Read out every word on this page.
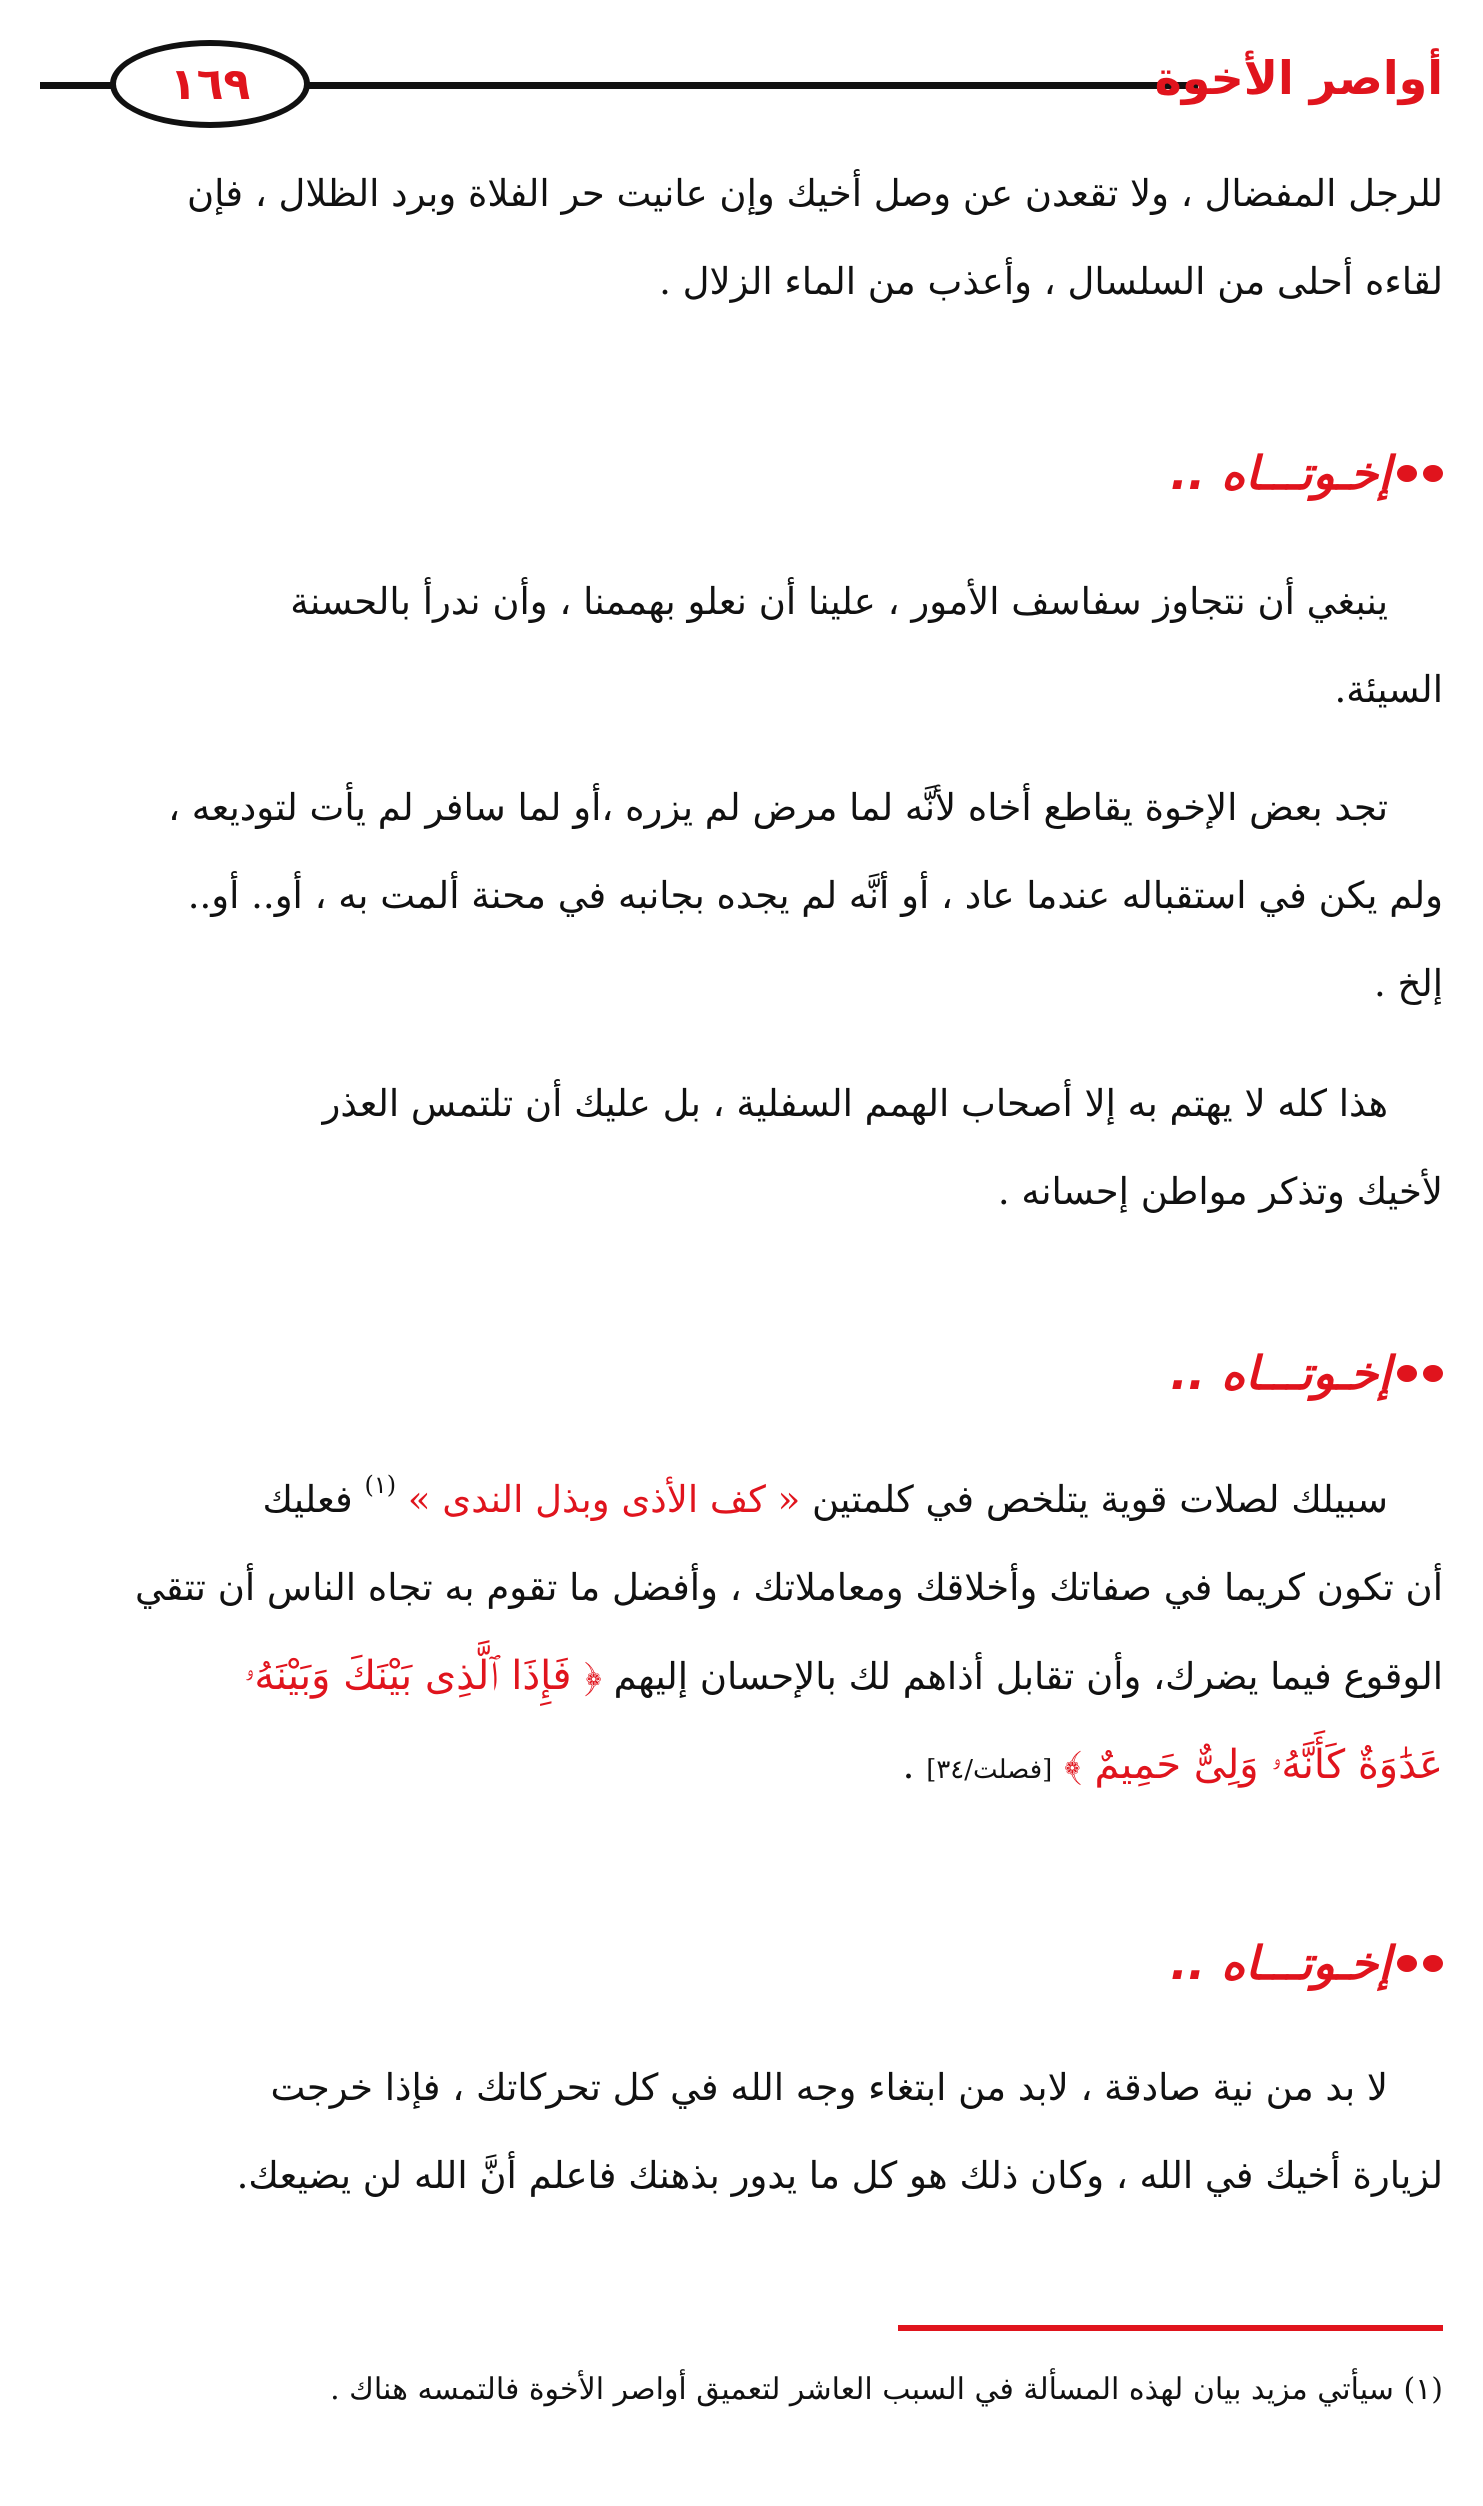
أواصر الأخوة
١٦٩
للرجل المفضال ، ولا تقعدن عن وصل أخيك وإن عانيت حر الفلاة وبرد الظلال ، فإن
لقاءه أحلى من السلسال ، وأعذب من الماء الزلال .
إخـوتـــاه ..
ينبغي أن نتجاوز سفاسف الأمور ، علينا أن نعلو بهممنا ، وأن ندرأ بالحسنة
السيئة.
تجد بعض الإخوة يقاطع أخاه لأنَّه لما مرض لم يزره ،أو لما سافر لم يأت لتوديعه ،
ولم يكن في استقباله عندما عاد ، أو أنَّه لم يجده بجانبه في محنة ألمت به ، أو.. أو..
إلخ .
هذا كله لا يهتم به إلا أصحاب الهمم السفلية ، بل عليك أن تلتمس العذر
لأخيك وتذكر مواطن إحسانه .
إخـوتـــاه ..
سبيلك لصلات قوية يتلخص في كلمتين « كف الأذى وبذل الندى » $^{(١)}$ فعليك
أن تكون كريما في صفاتك وأخلاقك ومعاملاتك ، وأفضل ما تقوم به تجاه الناس أن تتقي
الوقوع فيما يضرك، وأن تقابل أذاهم لك بالإحسان إليهم ﴿ فَإِذَا ٱلَّذِى بَيْنَكَ وَبَيْنَهُۥ
عَدَٰوَةٌ كَأَنَّهُۥ وَلِىٌّ حَمِيمٌ ﴾ [فصلت/٣٤] .
إخـوتـــاه ..
لا بد من نية صادقة ، لابد من ابتغاء وجه الله في كل تحركاتك ، فإذا خرجت
لزيارة أخيك في الله ، وكان ذلك هو كل ما يدور بذهنك فاعلم أنَّ الله لن يضيعك.
(١) سيأتي مزيد بيان لهذه المسألة في السبب العاشر لتعميق أواصر الأخوة فالتمسه هناك .
